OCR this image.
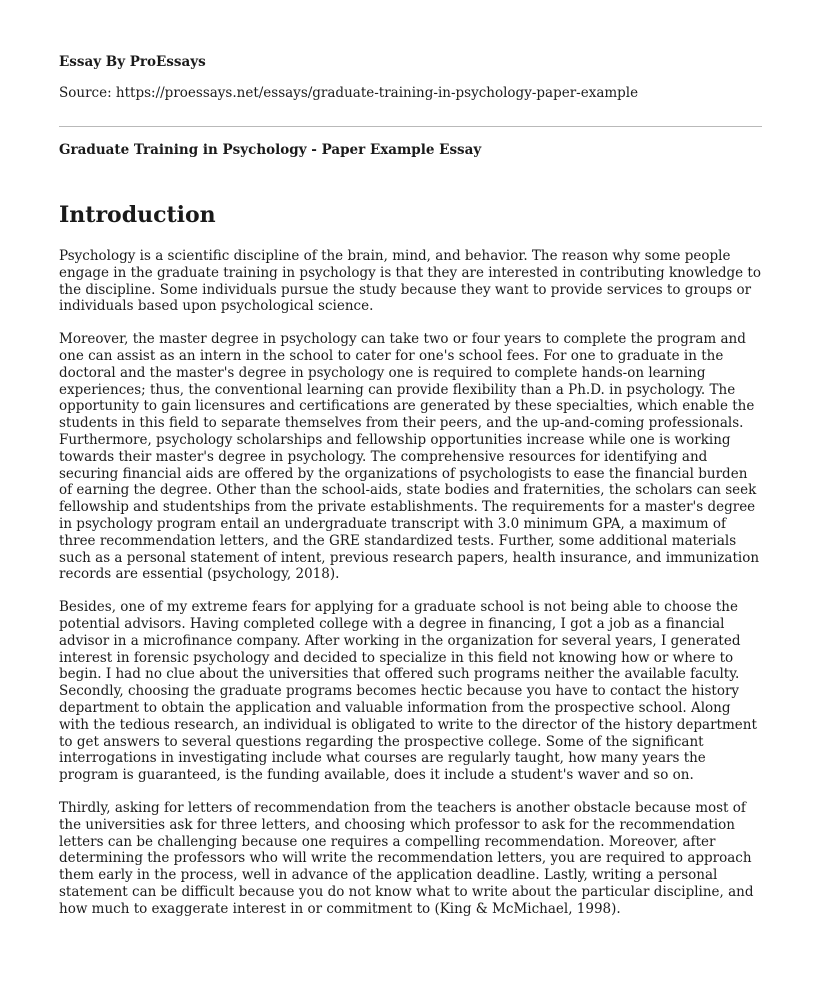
Essay By ProEssays

Source: https://proessays.net/essays/graduate-training-in-psychology-paper-example

Graduate Training in Psychology - Paper Example Essay

Introduction

Psychology is a scientific discipline of the brain, mind, and behavior. The reason why some people engage in the graduate training in psychology is that they are interested in contributing knowledge to the discipline. Some individuals pursue the study because they want to provide services to groups or individuals based upon psychological science.

Moreover, the master degree in psychology can take two or four years to complete the program and one can assist as an intern in the school to cater for one's school fees. For one to graduate in the doctoral and the master's degree in psychology one is required to complete hands-on learning experiences; thus, the conventional learning can provide flexibility than a Ph.D. in psychology. The opportunity to gain licensures and certifications are generated by these specialties, which enable the students in this field to separate themselves from their peers, and the up-and-coming professionals. Furthermore, psychology scholarships and fellowship opportunities increase while one is working towards their master's degree in psychology. The comprehensive resources for identifying and securing financial aids are offered by the organizations of psychologists to ease the financial burden of earning the degree. Other than the school-aids, state bodies and fraternities, the scholars can seek fellowship and studentships from the private establishments. The requirements for a master's degree in psychology program entail an undergraduate transcript with 3.0 minimum GPA, a maximum of three recommendation letters, and the GRE standardized tests. Further, some additional materials such as a personal statement of intent, previous research papers, health insurance, and immunization records are essential (psychology, 2018).

Besides, one of my extreme fears for applying for a graduate school is not being able to choose the potential advisors. Having completed college with a degree in financing, I got a job as a financial advisor in a microfinance company. After working in the organization for several years, I generated interest in forensic psychology and decided to specialize in this field not knowing how or where to begin. I had no clue about the universities that offered such programs neither the available faculty. Secondly, choosing the graduate programs becomes hectic because you have to contact the history department to obtain the application and valuable information from the prospective school. Along with the tedious research, an individual is obligated to write to the director of the history department to get answers to several questions regarding the prospective college. Some of the significant interrogations in investigating include what courses are regularly taught, how many years the program is guaranteed, is the funding available, does it include a student's waver and so on.

Thirdly, asking for letters of recommendation from the teachers is another obstacle because most of the universities ask for three letters, and choosing which professor to ask for the recommendation letters can be challenging because one requires a compelling recommendation. Moreover, after determining the professors who will write the recommendation letters, you are required to approach them early in the process, well in advance of the application deadline. Lastly, writing a personal statement can be difficult because you do not know what to write about the particular discipline, and how much to exaggerate interest in or commitment to (King & McMichael, 1998).
